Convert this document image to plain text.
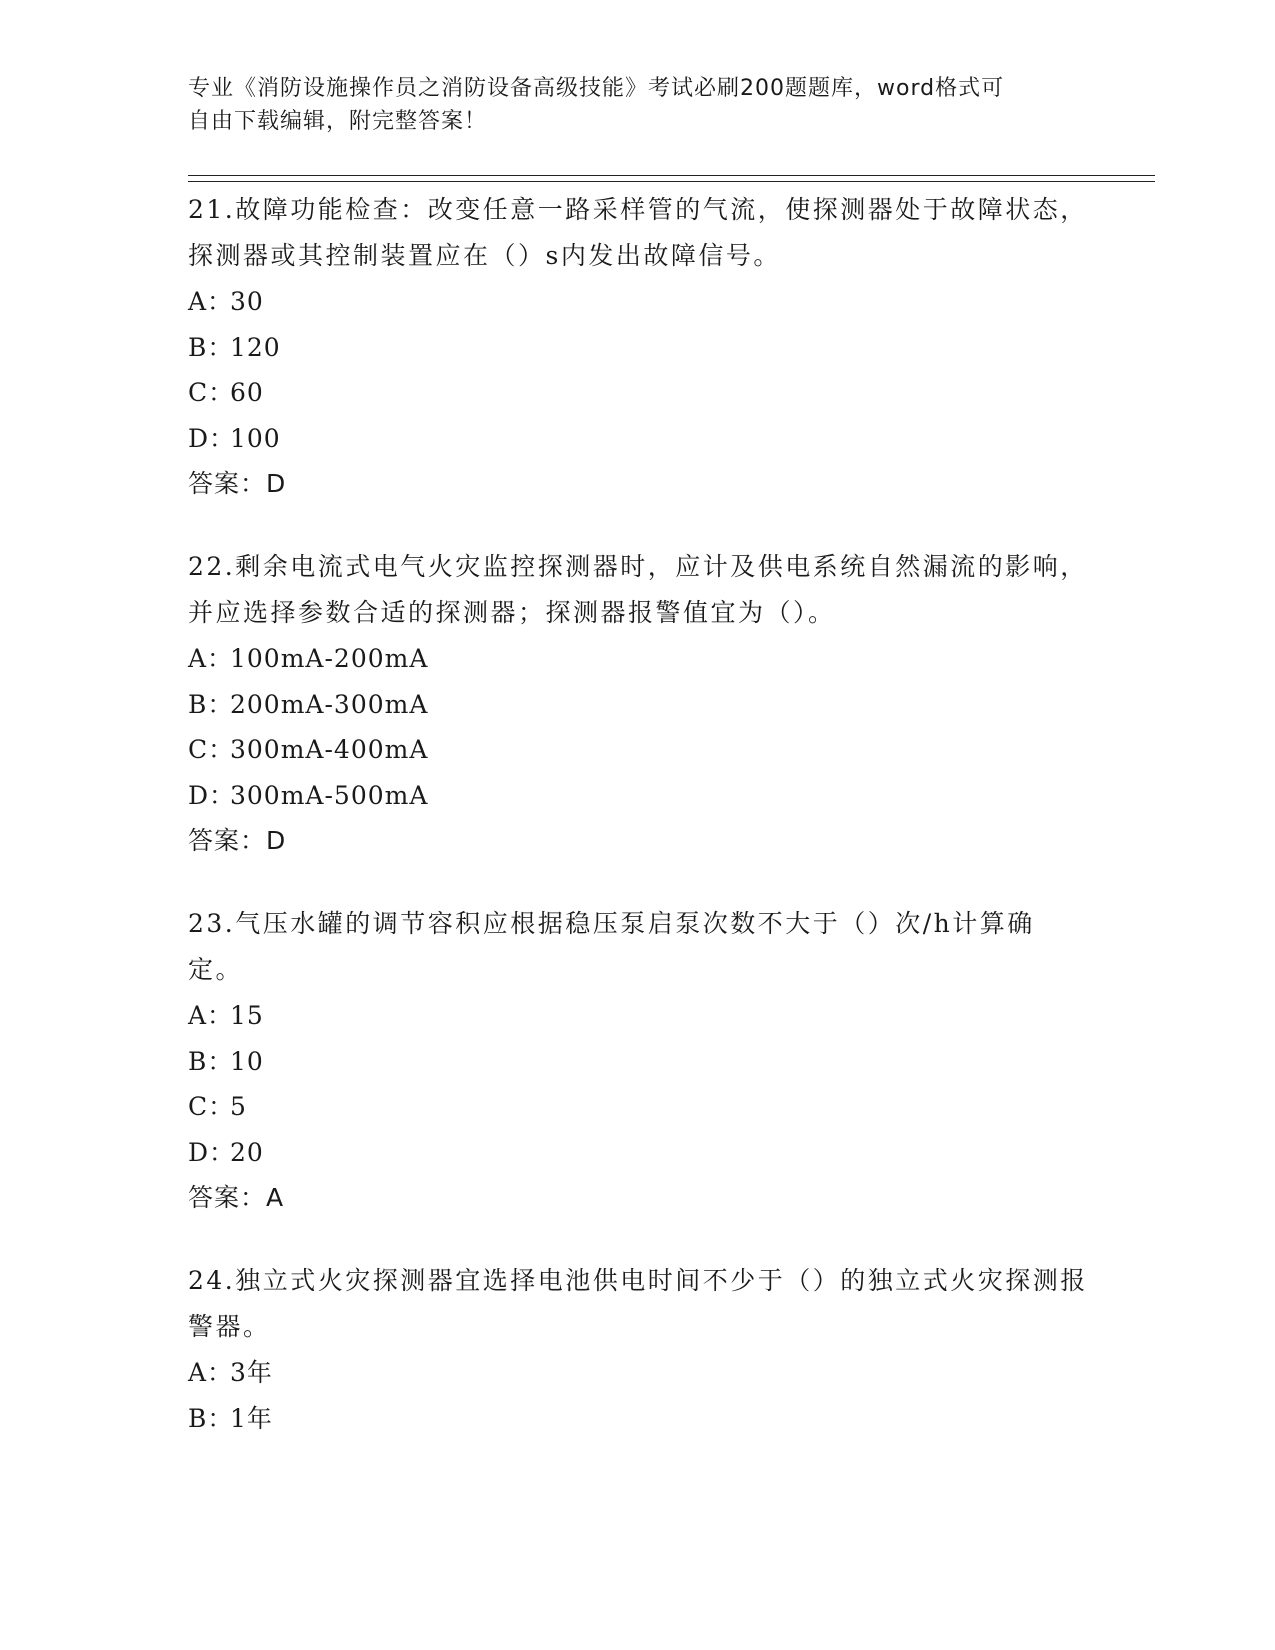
专业《消防设施操作员之消防设备高级技能》考试必刷200题题库，word格式可
自由下载编辑，附完整答案！

21.故障功能检查：改变任意一路采样管的气流，使探测器处于故障状态，探测器或其控制装置应在（）s内发出故障信号。

A：30
B：120
C：60
D：100
答案：D

22.剩余电流式电气火灾监控探测器时，应计及供电系统自然漏流的影响，并应选择参数合适的探测器；探测器报警值宜为（）。

A：100mA-200mA
B：200mA-300mA
C：300mA-400mA
D：300mA-500mA
答案：D

23.气压水罐的调节容积应根据稳压泵启泵次数不大于（）次/h计算确定。

A：15
B：10
C：5
D：20
答案：A

24.独立式火灾探测器宜选择电池供电时间不少于（）的独立式火灾探测报警器。

A：3年
B：1年
